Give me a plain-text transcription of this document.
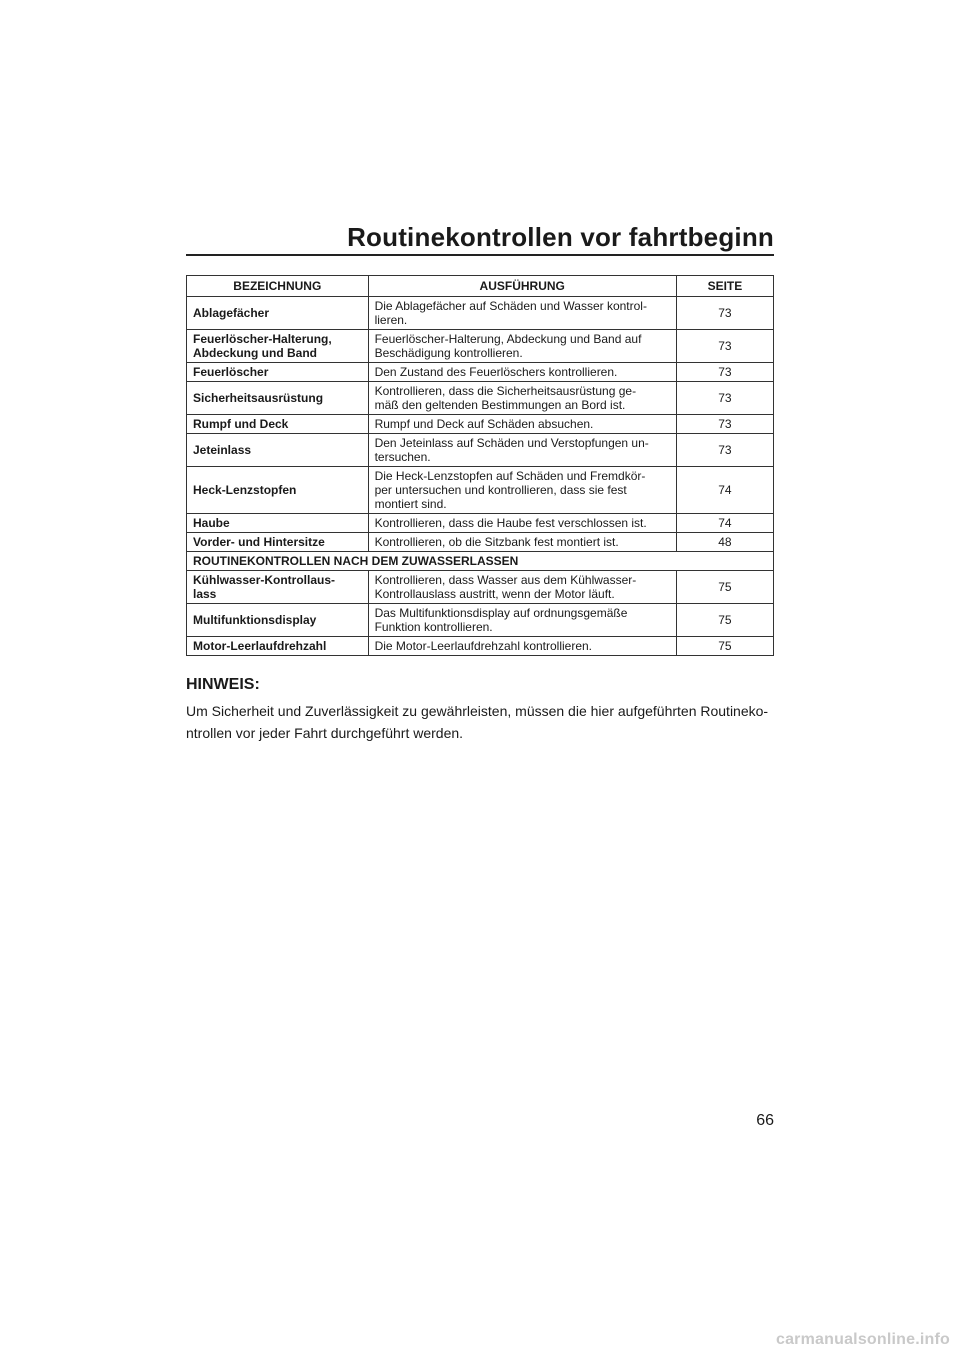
Routinekontrollen vor fahrtbeginn
BEZEICHNUNG	AUSFÜHRUNG	SEITE
Ablagefächer	Die Ablagefächer auf Schäden und Wasser kontrol-
lieren.	73
Feuerlöscher-Halterung,
Abdeckung und Band	Feuerlöscher-Halterung, Abdeckung und Band auf
Beschädigung kontrollieren.	73
Feuerlöscher	Den Zustand des Feuerlöschers kontrollieren.	73
Sicherheitsausrüstung	Kontrollieren, dass die Sicherheitsausrüstung ge-
mäß den geltenden Bestimmungen an Bord ist.	73
Rumpf und Deck	Rumpf und Deck auf Schäden absuchen.	73
Jeteinlass	Den Jeteinlass auf Schäden und Verstopfungen un-
tersuchen.	73
Heck-Lenzstopfen	Die Heck-Lenzstopfen auf Schäden und Fremdkör-
per untersuchen und kontrollieren, dass sie fest
montiert sind.	74
Haube	Kontrollieren, dass die Haube fest verschlossen ist.	74
Vorder- und Hintersitze	Kontrollieren, ob die Sitzbank fest montiert ist.	48
ROUTINEKONTROLLEN NACH DEM ZUWASSERLASSEN		
Kühlwasser-Kontrollaus-
lass	Kontrollieren, dass Wasser aus dem Kühlwasser-
Kontrollauslass austritt, wenn der Motor läuft.	75
Multifunktionsdisplay	Das Multifunktionsdisplay auf ordnungsgemäße
Funktion kontrollieren.	75
Motor-Leerlaufdrehzahl	Die Motor-Leerlaufdrehzahl kontrollieren.	75
HINWEIS:
Um Sicherheit und Zuverlässigkeit zu gewährleisten, müssen die hier aufgeführten Routineko-
ntrollen vor jeder Fahrt durchgeführt werden.
66
carmanualsonline.info
